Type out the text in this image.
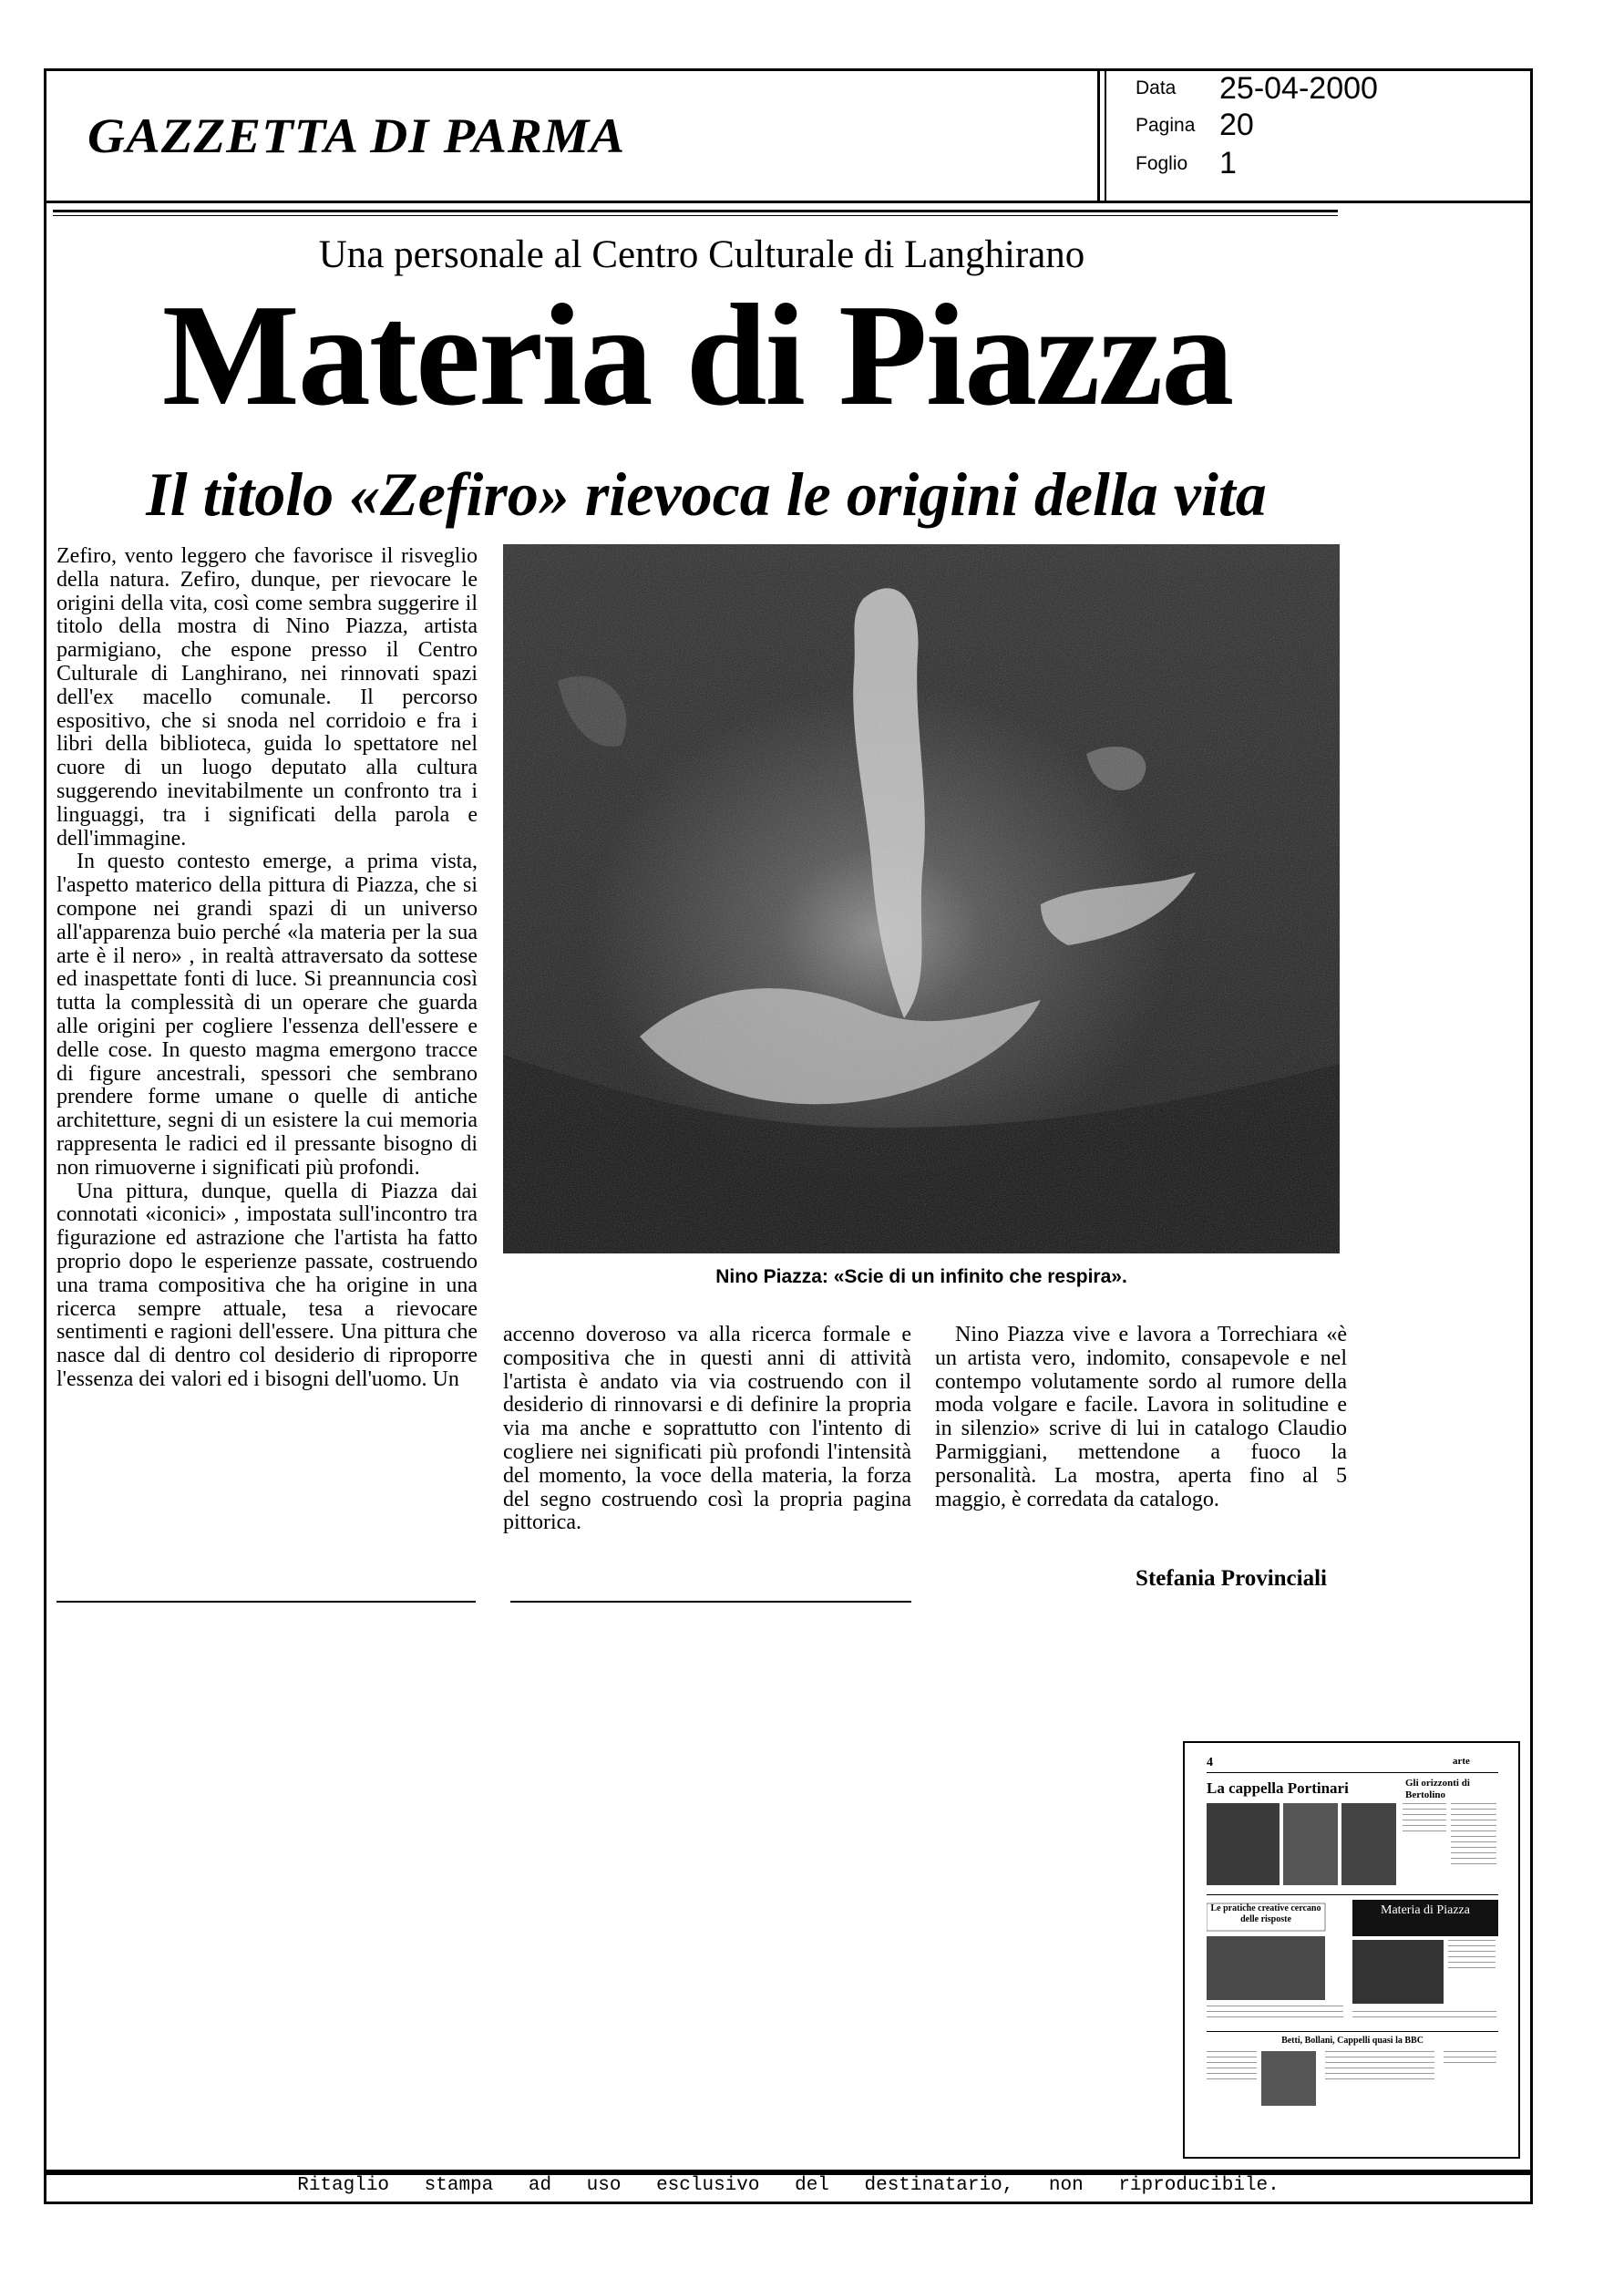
GAZZETTA DI PARMA
Data 25-04-2000
Pagina 20
Foglio 1
Una personale al Centro Culturale di Langhirano
Materia di Piazza
Il titolo «Zefiro» rievoca le origini della vita

Zefiro, vento leggero che favorisce il risveglio della natura. Zefiro, dunque, per rievocare le origini della vita, così come sembra suggerire il titolo della mostra di Nino Piazza, artista parmigiano, che espone presso il Centro Culturale di Langhirano, nei rinnovati spazi dell'ex macello comunale. Il percorso espositivo, che si snoda nel corridoio e fra i libri della biblioteca, guida lo spettatore nel cuore di un luogo deputato alla cultura suggerendo inevitabilmente un confronto tra i linguaggi, tra i significati della parola e dell'immagine.

In questo contesto emerge, a prima vista, l'aspetto materico della pittura di Piazza, che si compone nei grandi spazi di un universo all'apparenza buio perché «la materia per la sua arte è il nero» , in realtà attraversato da sottese ed inaspettate fonti di luce. Si preannuncia così tutta la complessità di un operare che guarda alle origini per cogliere l'essenza dell'essere e delle cose. In questo magma emergono tracce di figure ancestrali, spessori che sembrano prendere forme umane o quelle di antiche architetture, segni di un esistere la cui memoria rappresenta le radici ed il pressante bisogno di non rimuoverne i significati più profondi.

Una pittura, dunque, quella di Piazza dai connotati «iconici» , impostata sull'incontro tra figurazione ed astrazione che l'artista ha fatto proprio dopo le esperienze passate, costruendo una trama compositiva che ha origine in una ricerca sempre attuale, tesa a rievocare sentimenti e ragioni dell'essere. Una pittura che nasce dal di dentro col desiderio di riproporre l'essenza dei valori ed i bisogni dell'uomo. Un

Nino Piazza: «Scie di un infinito che respira».

accenno doveroso va alla ricerca formale e compositiva che in questi anni di attività l'artista è andato via via costruendo con il desiderio di rinnovarsi e di definire la propria via ma anche e soprattutto con l'intento di cogliere nei significati più profondi l'intensità del momento, la voce della materia, la forza del segno costruendo così la propria pagina pittorica.

Nino Piazza vive e lavora a Torrechiara «è un artista vero, indomito, consapevole e nel contempo volutamente sordo al rumore della moda volgare e facile. Lavora in solitudine e in silenzio» scrive di lui in catalogo Claudio Parmiggiani, mettendone a fuoco la personalità. La mostra, aperta fino al 5 maggio, è corredata da catalogo.

Stefania Provinciali
4	arte
La cappella Portinari	Gli orizzonti di Bertolino
Le pratiche creative cercano delle risposte
Materia di Piazza
Betti, Bollani, Cappelli quasi la BBC
Ritaglio stampa ad uso esclusivo del destinatario, non riproducibile.
